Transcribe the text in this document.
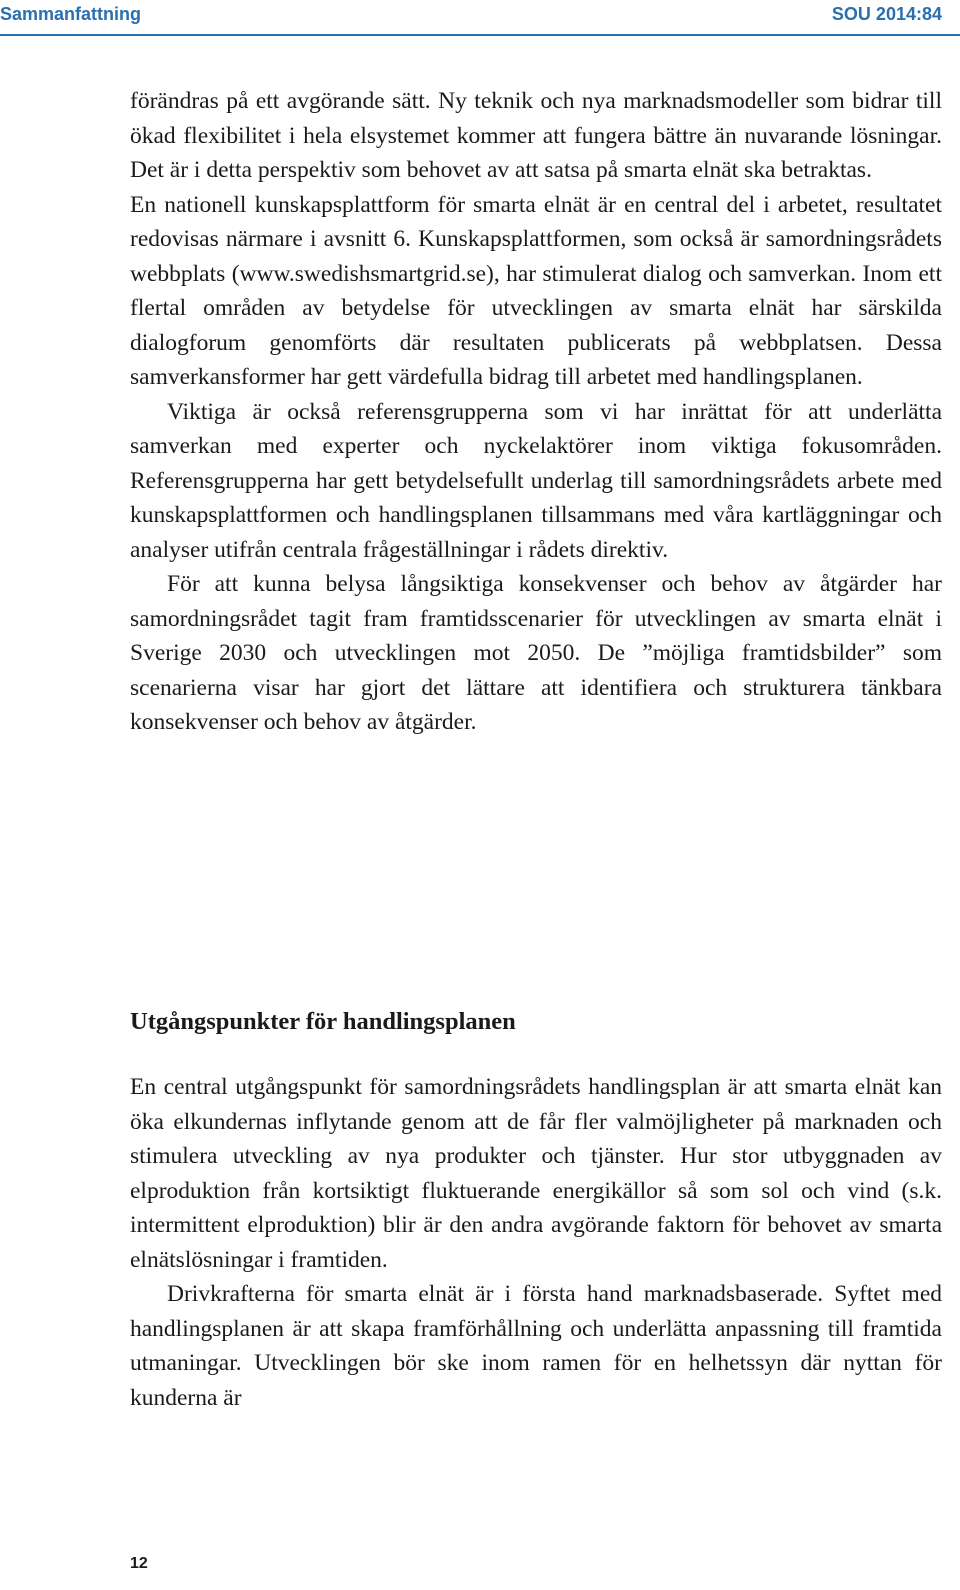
Sammanfattning	SOU 2014:84

förändras på ett avgörande sätt. Ny teknik och nya marknadsmodeller som bidrar till ökad flexibilitet i hela elsystemet kommer att fungera bättre än nuvarande lösningar. Det är i detta perspektiv som behovet av att satsa på smarta elnät ska betraktas.

En nationell kunskapsplattform för smarta elnät är en central del i arbetet, resultatet redovisas närmare i avsnitt 6. Kunskapsplattformen, som också är samordningsrådets webbplats (www.swedishsmartgrid.se), har stimulerat dialog och samverkan. Inom ett flertal områden av betydelse för utvecklingen av smarta elnät har särskilda dialogforum genomförts där resultaten publicerats på webbplatsen. Dessa samverkansformer har gett värdefulla bidrag till arbetet med handlingsplanen.

Viktiga är också referensgrupperna som vi har inrättat för att underlätta samverkan med experter och nyckelaktörer inom viktiga fokusområden. Referensgrupperna har gett betydelsefullt underlag till samordningsrådets arbete med kunskapsplattformen och handlingsplanen tillsammans med våra kartläggningar och analyser utifrån centrala frågeställningar i rådets direktiv.

För att kunna belysa långsiktiga konsekvenser och behov av åtgärder har samordningsrådet tagit fram framtidsscenarier för utvecklingen av smarta elnät i Sverige 2030 och utvecklingen mot 2050. De ”möjliga framtidsbilder” som scenarierna visar har gjort det lättare att identifiera och strukturera tänkbara konsekvenser och behov av åtgärder.

Utgångspunkter för handlingsplanen

En central utgångspunkt för samordningsrådets handlingsplan är att smarta elnät kan öka elkundernas inflytande genom att de får fler valmöjligheter på marknaden och stimulera utveckling av nya produkter och tjänster. Hur stor utbyggnaden av elproduktion från kortsiktigt fluktuerande energikällor så som sol och vind (s.k. intermittent elproduktion) blir är den andra avgörande faktorn för behovet av smarta elnätslösningar i framtiden.

Drivkrafterna för smarta elnät är i första hand marknadsbaserade. Syftet med handlingsplanen är att skapa framförhållning och underlätta anpassning till framtida utmaningar. Utvecklingen bör ske inom ramen för en helhetssyn där nyttan för kunderna är

12
